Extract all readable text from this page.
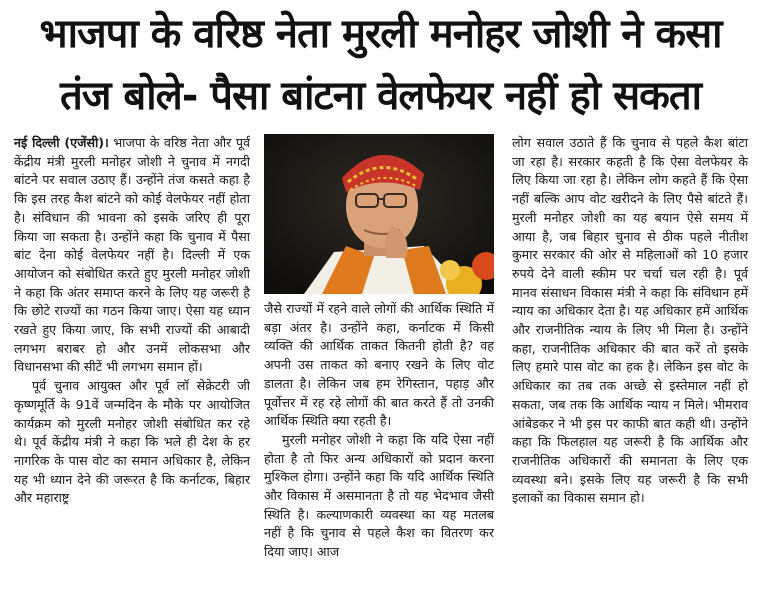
भाजपा के वरिष्ठ नेता मुरली मनोहर जोशी ने कसा
तंज बोले- पैसा बांटना वेलफेयर नहीं हो सकता

नई दिल्ली (एजेंसी)। भाजपा के वरिष्ठ नेता और पूर्व केंद्रीय मंत्री मुरली मनोहर जोशी ने चुनाव में नगदी बांटने पर सवाल उठाए हैं। उन्होंने तंज कसते कहा है कि इस तरह कैश बांटने को कोई वेलफेयर नहीं होता है। संविधान की भावना को इसके जरिए ही पूरा किया जा सकता है। उन्होंने कहा कि चुनाव में पैसा बांट देना कोई वेलफेयर नहीं है। दिल्ली में एक आयोजन को संबोधित करते हुए मुरली मनोहर जोशी ने कहा कि अंतर समाप्त करने के लिए यह जरूरी है कि छोटे राज्यों का गठन किया जाए। ऐसा यह ध्यान रखते हुए किया जाए, कि सभी राज्यों की आबादी लगभग बराबर हो और उनमें लोकसभा और विधानसभा की सीटें भी लगभग समान हों।

पूर्व चुनाव आयुक्त और पूर्व लॉ सेक्रेटरी जी कृष्णमूर्ति के 91वें जन्मदिन के मौके पर आयोजित कार्यक्रम को मुरली मनोहर जोशी संबोधित कर रहे थे। पूर्व केंद्रीय मंत्री ने कहा कि भले ही देश के हर नागरिक के पास वोट का समान अधिकार है, लेकिन यह भी ध्यान देने की जरूरत है कि कर्नाटक, बिहार और महाराष्ट्र

जैसे राज्यों में रहने वाले लोगों की आर्थिक स्थिति में बड़ा अंतर है। उन्होंने कहा, कर्नाटक में किसी व्यक्ति की आर्थिक ताकत कितनी होती है? वह अपनी उस ताकत को बनाए रखने के लिए वोट डालता है। लेकिन जब हम रेगिस्तान, पहाड़ और पूर्वोत्तर में रह रहे लोगों की बात करते हैं तो उनकी आर्थिक स्थिति क्या रहती है।

मुरली मनोहर जोशी ने कहा कि यदि ऐसा नहीं होता है तो फिर अन्य अधिकारों को प्रदान करना मुश्किल होगा। उन्होंने कहा कि यदि आर्थिक स्थिति और विकास में असमानता है तो यह भेदभाव जैसी स्थिति है। कल्याणकारी व्यवस्था का यह मतलब नहीं है कि चुनाव से पहले कैश का वितरण कर दिया जाए। आज

लोग सवाल उठाते हैं कि चुनाव से पहले कैश बांटा जा रहा है। सरकार कहती है कि ऐसा वेलफेयर के लिए किया जा रहा है। लेकिन लोग कहते हैं कि ऐसा नहीं बल्कि आप वोट खरीदने के लिए पैसे बांटते हैं। मुरली मनोहर जोशी का यह बयान ऐसे समय में आया है, जब बिहार चुनाव से ठीक पहले नीतीश कुमार सरकार की ओर से महिलाओं को 10 हजार रुपये देने वाली स्कीम पर चर्चा चल रही है। पूर्व मानव संसाधन विकास मंत्री ने कहा कि संविधान हमें न्याय का अधिकार देता है। यह अधिकार हमें आर्थिक और राजनीतिक न्याय के लिए भी मिला है। उन्होंने कहा, राजनीतिक अधिकार की बात करें तो इसके लिए हमारे पास वोट का हक है। लेकिन इस वोट के अधिकार का तब तक अच्छे से इस्तेमाल नहीं हो सकता, जब तक कि आर्थिक न्याय न मिले। भीमराव आंबेडकर ने भी इस पर काफी बात कही थी। उन्होंने कहा कि फिलहाल यह जरूरी है कि आर्थिक और राजनीतिक अधिकारों की समानता के लिए एक व्यवस्था बने। इसके लिए यह जरूरी है कि सभी इलाकों का विकास समान हो।
